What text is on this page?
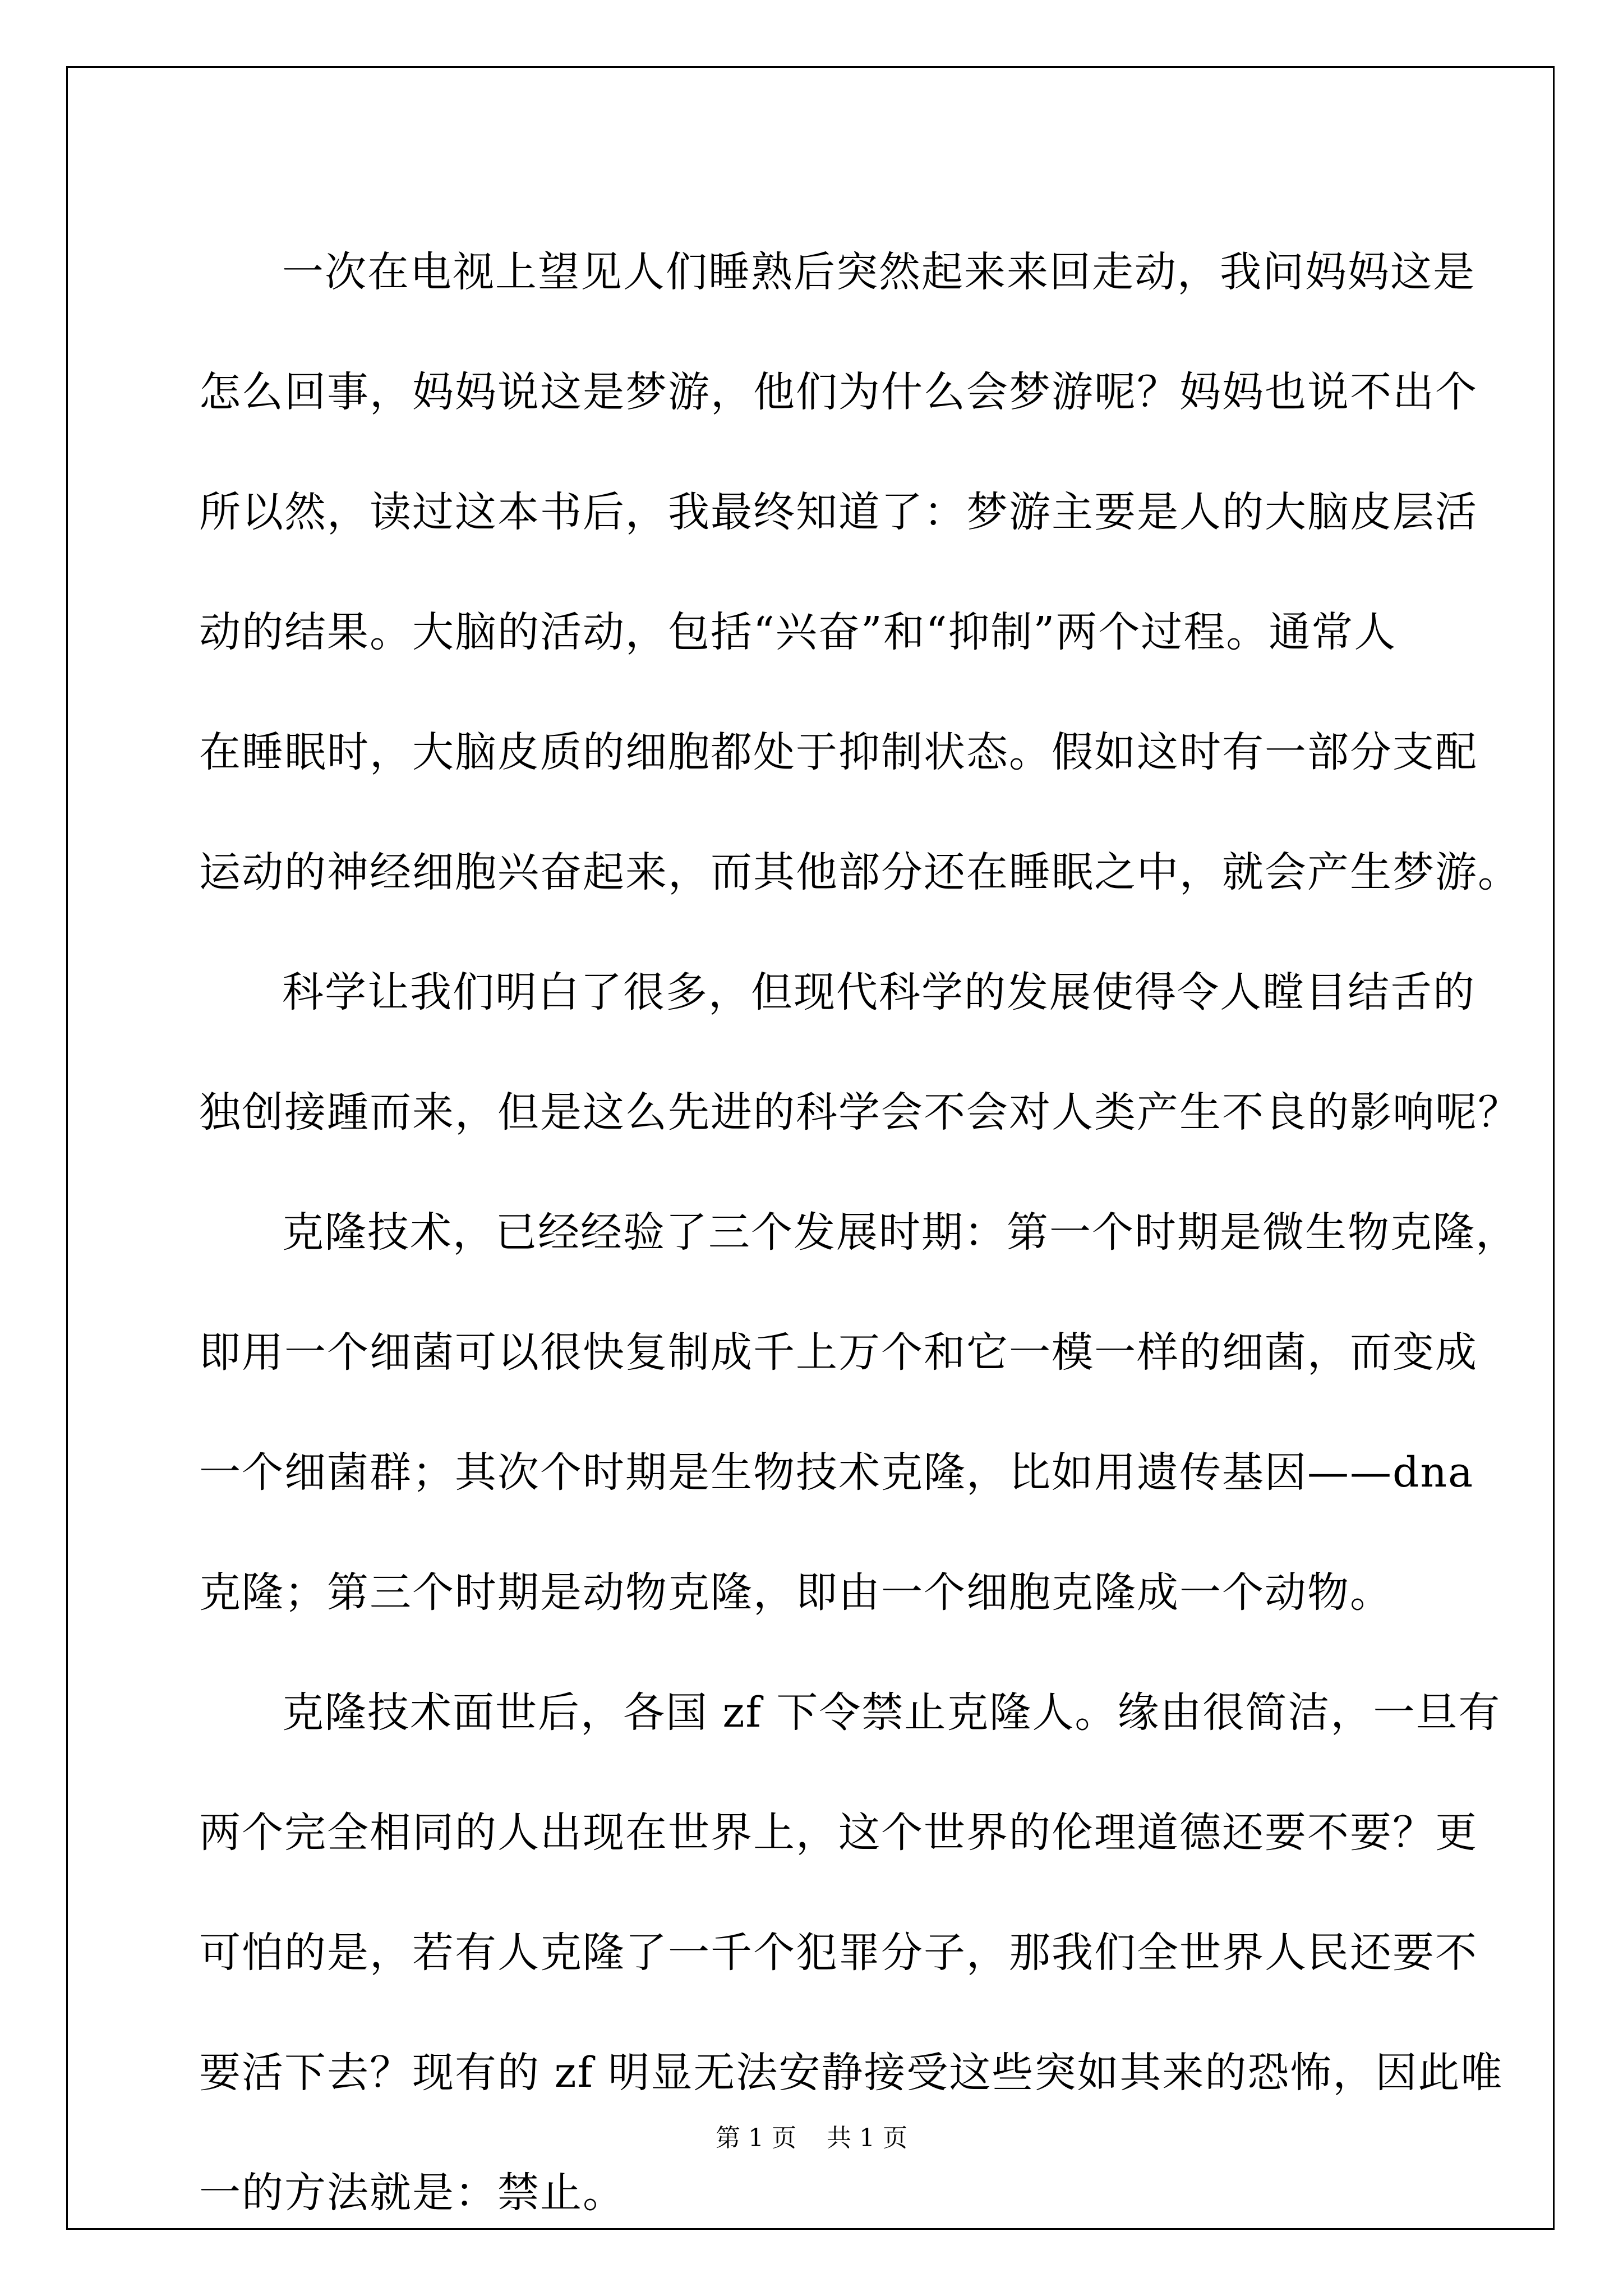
一次在电视上望见人们睡熟后突然起来来回走动，我问妈妈这是
怎么回事，妈妈说这是梦游，他们为什么会梦游呢？妈妈也说不出个
所以然，读过这本书后，我最终知道了：梦游主要是人的大脑皮层活
动的结果。大脑的活动，包括“兴奋”和“抑制”两个过程。通常人
在睡眠时，大脑皮质的细胞都处于抑制状态。假如这时有一部分支配
运动的神经细胞兴奋起来，而其他部分还在睡眠之中，就会产生梦游。

科学让我们明白了很多，但现代科学的发展使得令人瞠目结舌的
独创接踵而来，但是这么先进的科学会不会对人类产生不良的影响呢？

克隆技术，已经经验了三个发展时期：第一个时期是微生物克隆，
即用一个细菌可以很快复制成千上万个和它一模一样的细菌，而变成
一个细菌群；其次个时期是生物技术克隆，比如用遗传基因——dna
克隆；第三个时期是动物克隆，即由一个细胞克隆成一个动物。

克隆技术面世后，各国 zf 下令禁止克隆人。缘由很简洁，一旦有
两个完全相同的人出现在世界上，这个世界的伦理道德还要不要？更
可怕的是，若有人克隆了一千个犯罪分子，那我们全世界人民还要不
要活下去？现有的 zf 明显无法安静接受这些突如其来的恐怖，因此唯
一的方法就是：禁止。

第 1 页 共 1 页
